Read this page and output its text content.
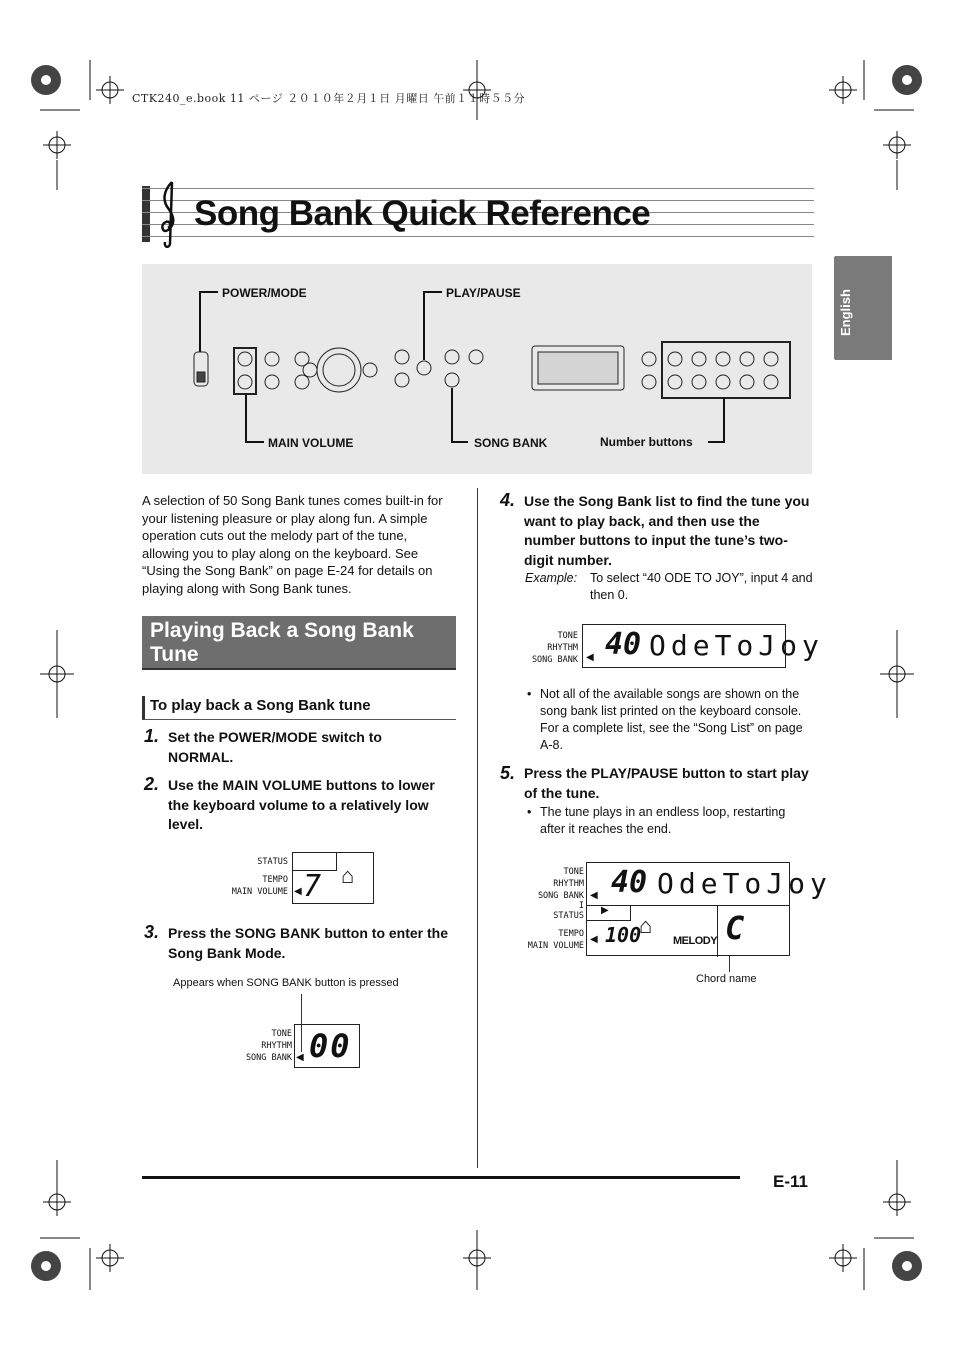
CTK240_e.book 11 ページ ２０１０年２月１日 月曜日 午前１１時５５分
Song Bank Quick Reference
English
POWER/MODE	PLAY/PAUSE
MAIN VOLUME	SONG BANK	Number buttons
A selection of 50 Song Bank tunes comes built-in for your listening pleasure or play along fun. A simple operation cuts out the melody part of the tune, allowing you to play along on the keyboard. See “Using the Song Bank” on page E-24 for details on playing along with Song Bank tunes.
Playing Back a Song Bank Tune
To play back a Song Bank tune
1. Set the POWER/MODE switch to NORMAL.
2. Use the MAIN VOLUME buttons to lower the keyboard volume to a relatively low level.
STATUS
TEMPO
MAIN VOLUME 7 ⌂
◀
3. Press the SONG BANK button to enter the Song Bank Mode.
Appears when SONG BANK button is pressed
TONE
RHYTHM
SONG BANK 00
◀
4. Use the Song Bank list to find the tune you want to play back, and then use the number buttons to input the tune’s two-digit number.
Example: To select “40 ODE TO JOY”, input 4 and then 0.
TONE
RHYTHM
SONG BANK 40 OdeToJoy
◀
• Not all of the available songs are shown on the song bank list printed on the keyboard console. For a complete list, see the “Song List” on page A-8.
5. Press the PLAY/PAUSE button to start play of the tune.
• The tune plays in an endless loop, restarting after it reaches the end.
TONE
RHYTHM
SONG BANK
I
STATUS
TEMPO
MAIN VOLUME
40 OdeToJoy
▶
100
⌂
MELODY C
◀
◀
Chord name
E-11
